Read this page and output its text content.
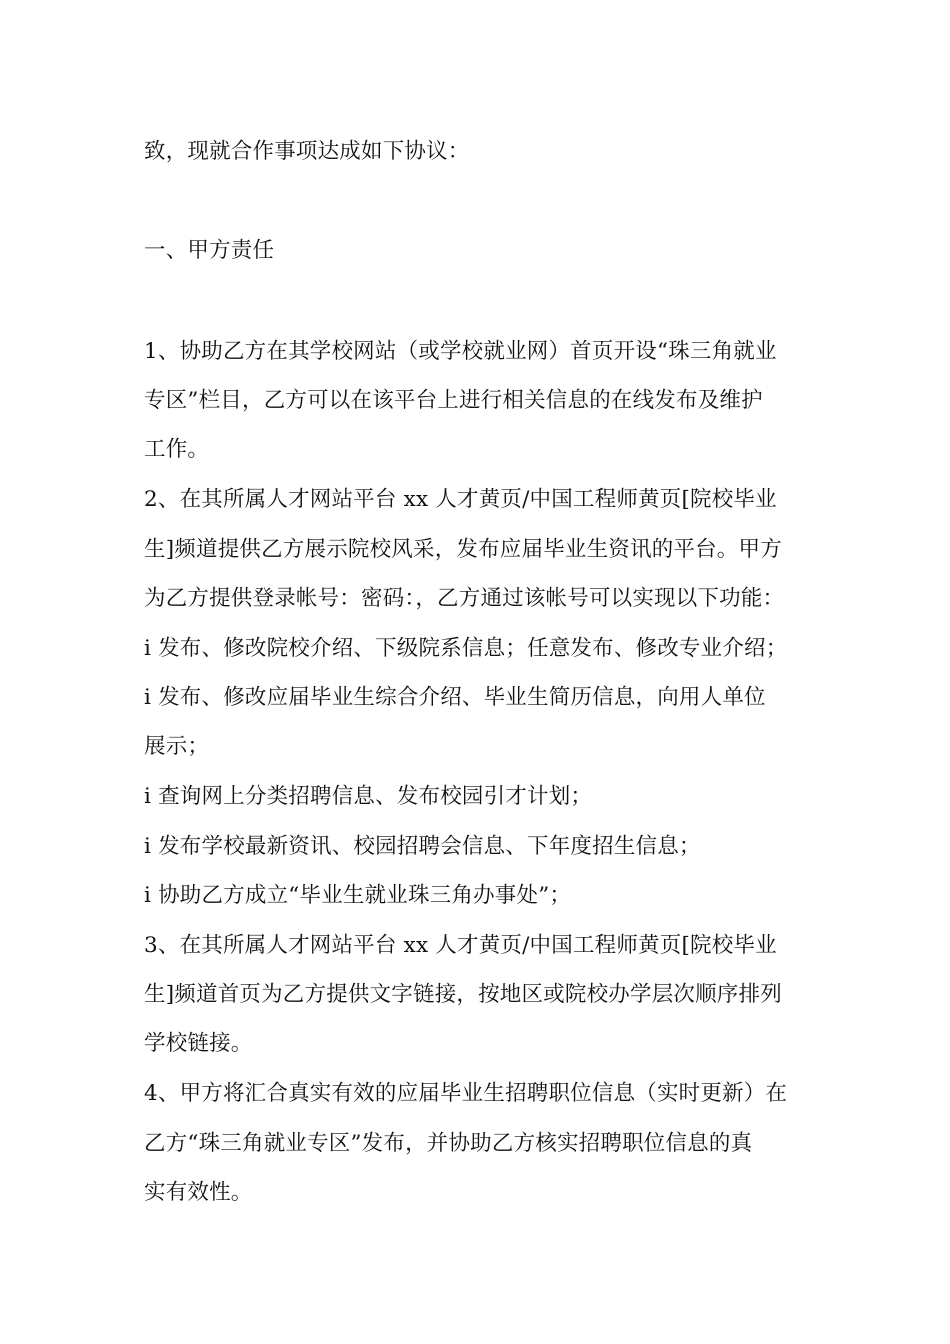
致，现就合作事项达成如下协议：
一、甲方责任
1、协助乙方在其学校网站（或学校就业网）首页开设“珠三角就业
专区”栏目，乙方可以在该平台上进行相关信息的在线发布及维护
工作。
2、在其所属人才网站平台 xx 人才黄页/中国工程师黄页[院校毕业
生]频道提供乙方展示院校风采，发布应届毕业生资讯的平台。甲方
为乙方提供登录帐号：密码：，乙方通过该帐号可以实现以下功能：
i 发布、修改院校介绍、下级院系信息；任意发布、修改专业介绍；
i 发布、修改应届毕业生综合介绍、毕业生简历信息，向用人单位
展示；
i 查询网上分类招聘信息、发布校园引才计划；
i 发布学校最新资讯、校园招聘会信息、下年度招生信息；
i 协助乙方成立“毕业生就业珠三角办事处”；
3、在其所属人才网站平台 xx 人才黄页/中国工程师黄页[院校毕业
生]频道首页为乙方提供文字链接，按地区或院校办学层次顺序排列
学校链接。
4、甲方将汇合真实有效的应届毕业生招聘职位信息（实时更新）在
乙方“珠三角就业专区”发布，并协助乙方核实招聘职位信息的真
实有效性。
